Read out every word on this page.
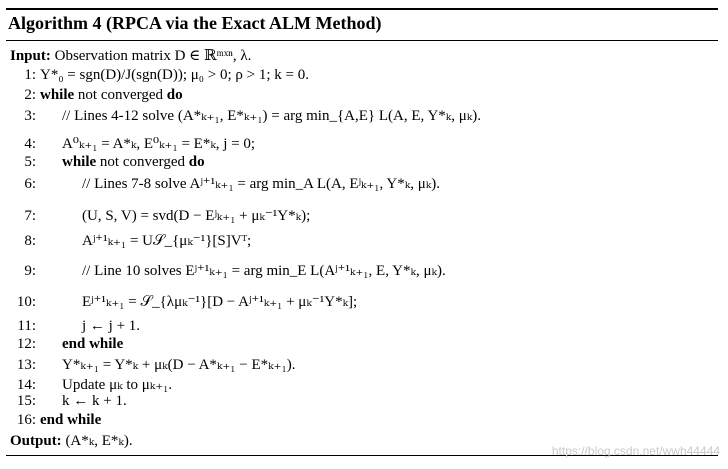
Algorithm 4 (RPCA via the Exact ALM Method)
Input: Observation matrix D ∈ ℝᵐˣⁿ, λ.
1: Y*₀ = sgn(D)/J(sgn(D)); μ₀ > 0; ρ > 1; k = 0.
2: while not converged do
3: // Lines 4-12 solve (A*ₖ₊₁, E*ₖ₊₁) = arg min_{A,E} L(A, E, Y*ₖ, μₖ).
4: A⁰ₖ₊₁ = A*ₖ, E⁰ₖ₊₁ = E*ₖ, j = 0;
5: while not converged do
6:	// Lines 7-8 solve Aʲ⁺¹ₖ₊₁ = arg min_A L(A, Eʲₖ₊₁, Y*ₖ, μₖ).
7:	(U, S, V) = svd(D − Eʲₖ₊₁ + μₖ⁻¹Y*ₖ);
8:	Aʲ⁺¹ₖ₊₁ = U𝒮_{μₖ⁻¹}[S]Vᵀ;
9:	// Line 10 solves Eʲ⁺¹ₖ₊₁ = arg min_E L(Aʲ⁺¹ₖ₊₁, E, Y*ₖ, μₖ).
10:	Eʲ⁺¹ₖ₊₁ = 𝒮_{λμₖ⁻¹}[D − Aʲ⁺¹ₖ₊₁ + μₖ⁻¹Y*ₖ];
11:	j ← j + 1.
12: end while
13: Y*ₖ₊₁ = Y*ₖ + μₖ(D − A*ₖ₊₁ − E*ₖ₊₁).
14: Update μₖ to μₖ₊₁.
15: k ← k + 1.
16: end while
Output: (A*ₖ, E*ₖ).
https://blog.csdn.net/wwh44444
